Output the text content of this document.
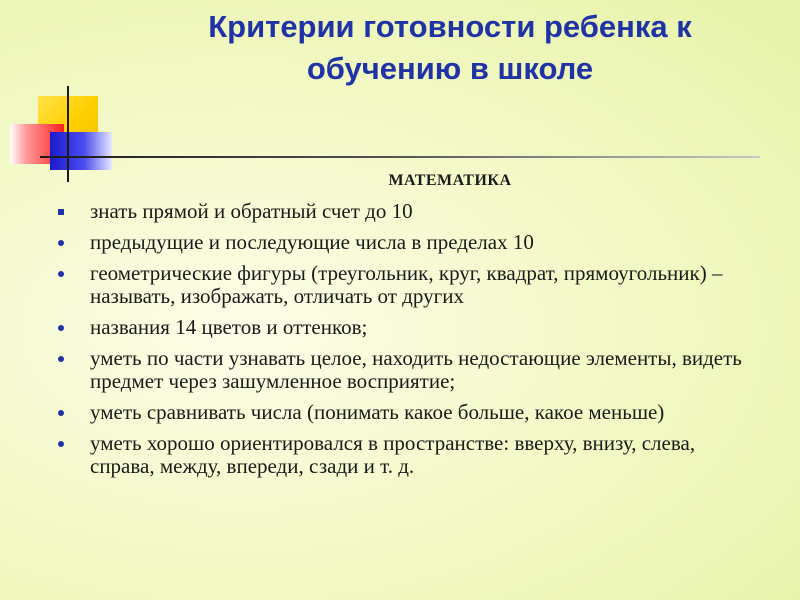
Критерии готовности ребенка к
обучению в школе
МАТЕМАТИКА
знать прямой и обратный счет до 10
предыдущие и последующие числа в пределах 10
геометрические фигуры (треугольник, круг, квадрат, прямоугольник) – называть, изображать, отличать от других
названия 14 цветов и оттенков;
уметь по части узнавать целое, находить недостающие элементы, видеть предмет через зашумленное восприятие;
уметь сравнивать числа (понимать какое больше, какое меньше)
уметь хорошо ориентировался в пространстве: вверху, внизу, слева, справа, между, впереди, сзади и т. д.
